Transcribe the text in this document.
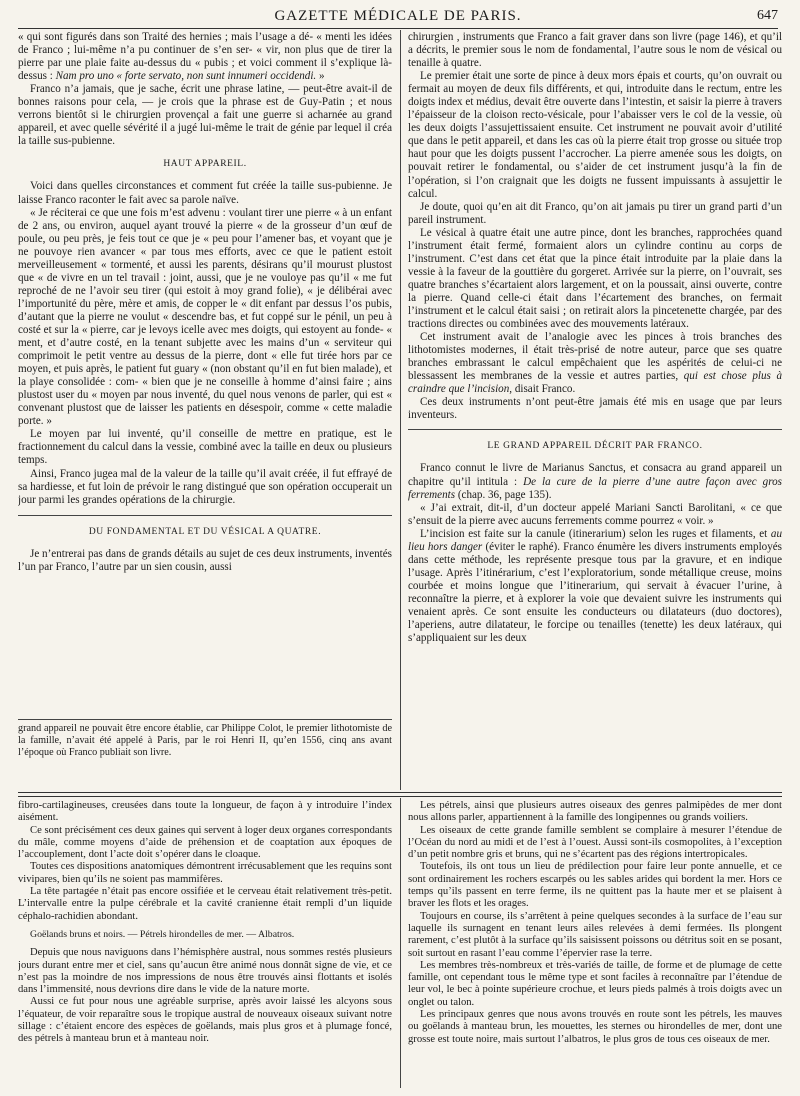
GAZETTE MÉDICALE DE PARIS.	647

« qui sont figurés dans son Traité des hernies ; mais l’usage a dé- « menti les idées de Franco ; lui-même n’a pu continuer de s’en ser- « vir, non plus que de tirer la pierre par une plaie faite au-dessus du « pubis ; et voici comment il s’explique là-dessus : Nam pro uno « forte servato, non sunt innumeri occidendi. »

Franco n’a jamais, que je sache, écrit une phrase latine, — peut-être avait-il de bonnes raisons pour cela, — je crois que la phrase est de Guy-Patin ; et nous verrons bientôt si le chirurgien provençal a fait une guerre si acharnée au grand appareil, et avec quelle sévérité il a jugé lui-même le trait de génie par lequel il créa la taille sus-pubienne.

HAUT APPAREIL.

Voici dans quelles circonstances et comment fut créée la taille sus-pubienne. Je laisse Franco raconter le fait avec sa parole naïve.

« Je réciterai ce que une fois m’est advenu : voulant tirer une pierre « à un enfant de 2 ans, ou environ, auquel ayant trouvé la pierre « de la grosseur d’un œuf de poule, ou peu près, je feis tout ce que je « peu pour l’amener bas, et voyant que je ne pouvoye rien avancer « par tous mes efforts, avec ce que le patient estoit merveilleusement « tormenté, et aussi les parents, désirans qu’il mourust plustost que « de vivre en un tel travail : joint, aussi, que je ne vouloye pas qu’il « me fut reproché de ne l’avoir seu tirer (qui estoit à moy grand folie), « je délibérai avec l’importunité du père, mère et amis, de copper le « dit enfant par dessus l’os pubis, d’autant que la pierre ne voulut « descendre bas, et fut coppé sur le pénil, un peu à costé et sur la « pierre, car je levoys icelle avec mes doigts, qui estoyent au fonde- « ment, et d’autre costé, en la tenant subjette avec les mains d’un « serviteur qui comprimoit le petit ventre au dessus de la pierre, dont « elle fut tirée hors par ce moyen, et puis après, le patient fut guary « (non obstant qu’il en fut bien malade), et la playe consolidée : com- « bien que je ne conseille à homme d’ainsi faire ; ains plustost user du « moyen par nous inventé, du quel nous venons de parler, qui est « convenant plustost que de laisser les patients en désespoir, comme « cette maladie porte. »

Le moyen par lui inventé, qu’il conseille de mettre en pratique, est le fractionnement du calcul dans la vessie, combiné avec la taille en deux ou plusieurs temps.

Ainsi, Franco jugea mal de la valeur de la taille qu’il avait créée, il fut effrayé de sa hardiesse, et fut loin de prévoir le rang distingué que son opération occuperait un jour parmi les grandes opérations de la chirurgie.

DU FONDAMENTAL ET DU VÉSICAL A QUATRE.

Je n’entrerai pas dans de grands détails au sujet de ces deux instruments, inventés l’un par Franco, l’autre par un sien cousin, aussi

chirurgien , instruments que Franco a fait graver dans son livre (page 146), et qu’il a décrits, le premier sous le nom de fondamental, l’autre sous le nom de vésical ou tenaille à quatre.

Le premier était une sorte de pince à deux mors épais et courts, qu’on ouvrait ou fermait au moyen de deux fils différents, et qui, introduite dans le rectum, entre les doigts index et médius, devait être ouverte dans l’intestin, et saisir la pierre à travers l’épaisseur de la cloison recto-vésicale, pour l’abaisser vers le col de la vessie, où les deux doigts l’assujettissaient ensuite. Cet instrument ne pouvait avoir d’utilité que dans le petit appareil, et dans les cas où la pierre était trop grosse ou située trop haut pour que les doigts pussent l’accrocher. La pierre amenée sous les doigts, on pouvait retirer le fondamental, ou s’aider de cet instrument jusqu’à la fin de l’opération, si l’on craignait que les doigts ne fussent impuissants à assujettir le calcul.

Je doute, quoi qu’en ait dit Franco, qu’on ait jamais pu tirer un grand parti d’un pareil instrument.

Le vésical à quatre était une autre pince, dont les branches, rapprochées quand l’instrument était fermé, formaient alors un cylindre continu au corps de l’instrument. C’est dans cet état que la pince était introduite par la plaie dans la vessie à la faveur de la gouttière du gorgeret. Arrivée sur la pierre, on l’ouvrait, ses quatre branches s’écartaient alors largement, et on la poussait, ainsi ouverte, contre la pierre. Quand celle-ci était dans l’écartement des branches, on fermait l’instrument et le calcul était saisi ; on retirait alors la pincetenette chargée, par des tractions directes ou combinées avec des mouvements latéraux.

Cet instrument avait de l’analogie avec les pinces à trois branches des lithotomistes modernes, il était très-prisé de notre auteur, parce que ses quatre branches embrassant le calcul empêchaient que les aspérités de celui-ci ne blessassent les membranes de la vessie et autres parties, qui est chose plus à craindre que l’incision, disait Franco.

Ces deux instruments n’ont peut-être jamais été mis en usage que par leurs inventeurs.

LE GRAND APPAREIL DÉCRIT PAR FRANCO.

Franco connut le livre de Marianus Sanctus, et consacra au grand appareil un chapitre qu’il intitula : De la cure de la pierre d’une autre façon avec gros ferrements (chap. 36, page 135).

« J’ai extrait, dit-il, d’un docteur appelé Mariani Sancti Barolitani, « ce que s’ensuit de la pierre avec aucuns ferrements comme pourrez « voir. »

L’incision est faite sur la canule (itinerarium) selon les ruges et filaments, et au lieu hors danger (éviter le raphé). Franco énumère les divers instruments employés dans cette méthode, les représente presque tous par la gravure, et en indique l’usage. Après l’itinérarium, c’est l’exploratorium, sonde métallique creuse, moins courbée et moins longue que l’itinerarium, qui servait à évacuer l’urine, à reconnaître la pierre, et à explorer la voie que devaient suivre les instruments qui venaient après. Ce sont ensuite les conducteurs ou dilatateurs (duo doctores), l’aperiens, autre dilatateur, le forcipe ou tenailles (tenette) les deux latéraux, qui s’appliquaient sur les deux

grand appareil ne pouvait être encore établie, car Philippe Colot, le premier lithotomiste de la famille, n’avait été appelé à Paris, par le roi Henri II, qu’en 1556, cinq ans avant l’époque où Franco publiait son livre.

fibro-cartilagineuses, creusées dans toute la longueur, de façon à y introduire l’index aisément.

Ce sont précisément ces deux gaines qui servent à loger deux organes correspondants du mâle, comme moyens d’aide de préhension et de coaptation aux époques de l’accouplement, dont l’acte doit s’opérer dans le cloaque.

Toutes ces dispositions anatomiques démontrent irrécusablement que les requins sont vivipares, bien qu’ils ne soient pas mammifères.

La tête partagée n’était pas encore ossifiée et le cerveau était relativement très-petit. L’intervalle entre la pulpe cérébrale et la cavité cranienne était rempli d’un liquide céphalo-rachidien abondant.

Goëlands bruns et noirs. — Pétrels hirondelles de mer. — Albatros.

Depuis que nous naviguons dans l’hémisphère austral, nous sommes restés plusieurs jours durant entre mer et ciel, sans qu’aucun être animé nous donnât signe de vie, et ce n’est pas la moindre de nos impressions de nous être trouvés ainsi flottants et isolés dans l’immensité, nous devrions dire dans le vide de la nature morte.

Aussi ce fut pour nous une agréable surprise, après avoir laissé les alcyons sous l’équateur, de voir reparaître sous le tropique austral de nouveaux oiseaux suivant notre sillage : c’étaient encore des espèces de goëlands, mais plus gros et à plumage foncé, des pétrels à manteau brun et à manteau noir.

Les pétrels, ainsi que plusieurs autres oiseaux des genres palmipèdes de mer dont nous allons parler, appartiennent à la famille des longipennes ou grands voiliers.

Les oiseaux de cette grande famille semblent se complaire à mesurer l’étendue de l’Océan du nord au midi et de l’est à l’ouest. Aussi sont-ils cosmopolites, à l’exception d’un petit nombre gris et bruns, qui ne s’écartent pas des régions intertropicales.

Toutefois, ils ont tous un lieu de prédilection pour faire leur ponte annuelle, et ce sont ordinairement les rochers escarpés ou les sables arides qui bordent la mer. Hors ce temps qu’ils passent en terre ferme, ils ne quittent pas la haute mer et se plaisent à braver les flots et les orages.

Toujours en course, ils s’arrêtent à peine quelques secondes à la surface de l’eau sur laquelle ils surnagent en tenant leurs ailes relevées à demi fermées. Ils plongent rarement, c’est plutôt à la surface qu’ils saisissent poissons ou détritus soit en se posant, soit surtout en rasant l’eau comme l’épervier rase la terre.

Les membres très-nombreux et très-variés de taille, de forme et de plumage de cette famille, ont cependant tous le même type et sont faciles à reconnaître par l’étendue de leur vol, le bec à pointe supérieure crochue, et leurs pieds palmés à trois doigts avec un onglet ou talon.

Les principaux genres que nous avons trouvés en route sont les pétrels, les mauves ou goëlands à manteau brun, les mouettes, les sternes ou hirondelles de mer, dont une grosse est toute noire, mais surtout l’albatros, le plus gros de tous ces oiseaux de mer.
